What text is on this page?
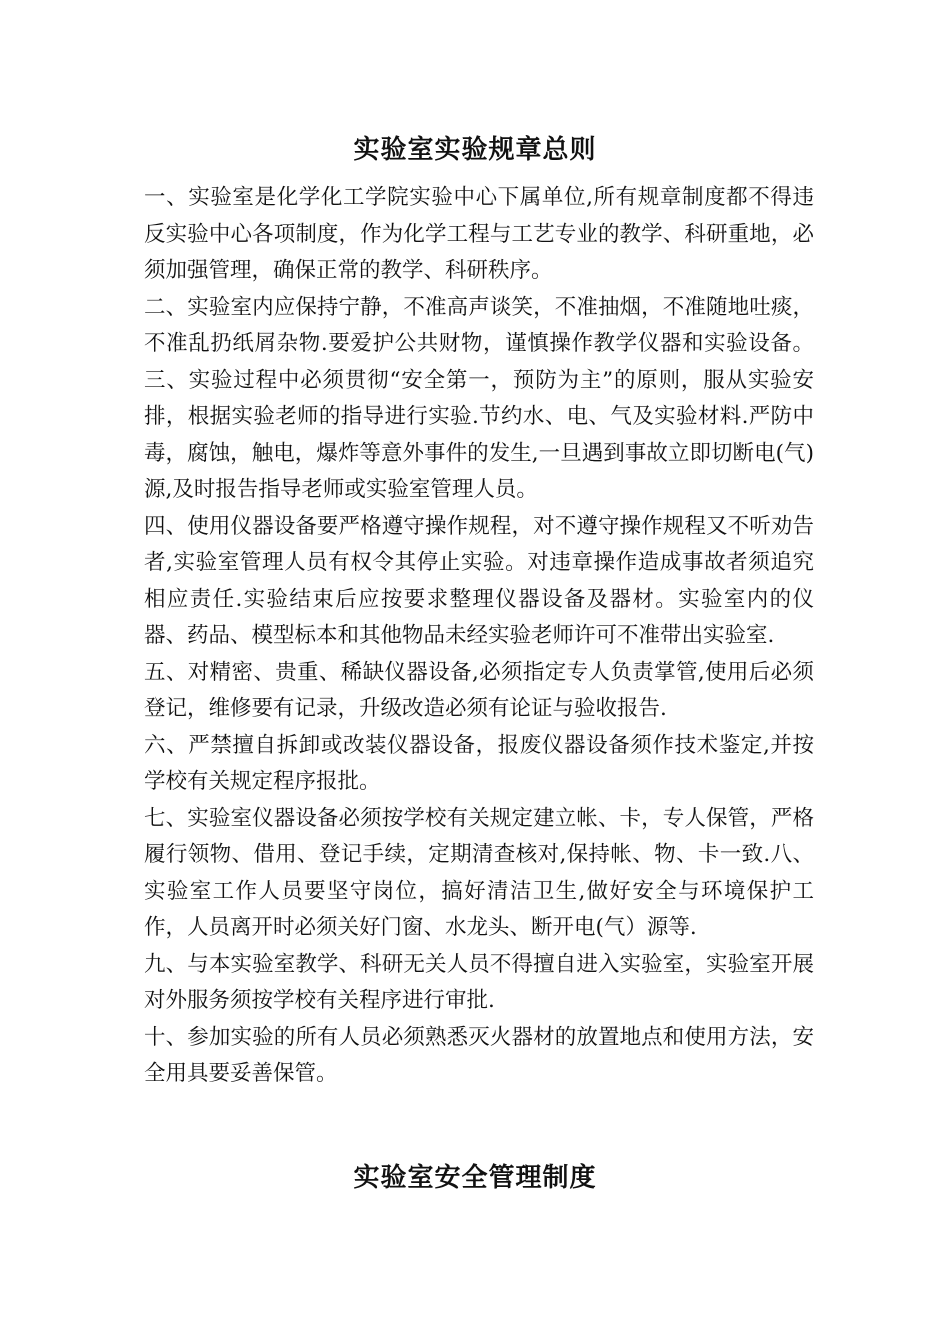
实验室实验规章总则

一、实验室是化学化工学院实验中心下属单位,所有规章制度都不得违反实验中心各项制度，作为化学工程与工艺专业的教学、科研重地，必须加强管理，确保正常的教学、科研秩序。

二、实验室内应保持宁静，不准高声谈笑，不准抽烟，不准随地吐痰，不准乱扔纸屑杂物.要爱护公共财物，谨慎操作教学仪器和实验设备。三、实验过程中必须贯彻“安全第一，预防为主”的原则，服从实验安排，根据实验老师的指导进行实验.节约水、电、气及实验材料.严防中毒，腐蚀，触电，爆炸等意外事件的发生,一旦遇到事故立即切断电(气)源,及时报告指导老师或实验室管理人员。

四、使用仪器设备要严格遵守操作规程，对不遵守操作规程又不听劝告者,实验室管理人员有权令其停止实验。对违章操作造成事故者须追究相应责任.实验结束后应按要求整理仪器设备及器材。实验室内的仪器、药品、模型标本和其他物品未经实验老师许可不准带出实验室.

五、对精密、贵重、稀缺仪器设备,必须指定专人负责掌管,使用后必须登记，维修要有记录，升级改造必须有论证与验收报告.

六、严禁擅自拆卸或改装仪器设备，报废仪器设备须作技术鉴定,并按学校有关规定程序报批。

七、实验室仪器设备必须按学校有关规定建立帐、卡，专人保管，严格履行领物、借用、登记手续，定期清查核对,保持帐、物、卡一致.八、实验室工作人员要坚守岗位，搞好清洁卫生,做好安全与环境保护工作，人员离开时必须关好门窗、水龙头、断开电(气）源等.

九、与本实验室教学、科研无关人员不得擅自进入实验室，实验室开展对外服务须按学校有关程序进行审批.

十、参加实验的所有人员必须熟悉灭火器材的放置地点和使用方法，安全用具要妥善保管。

实验室安全管理制度
